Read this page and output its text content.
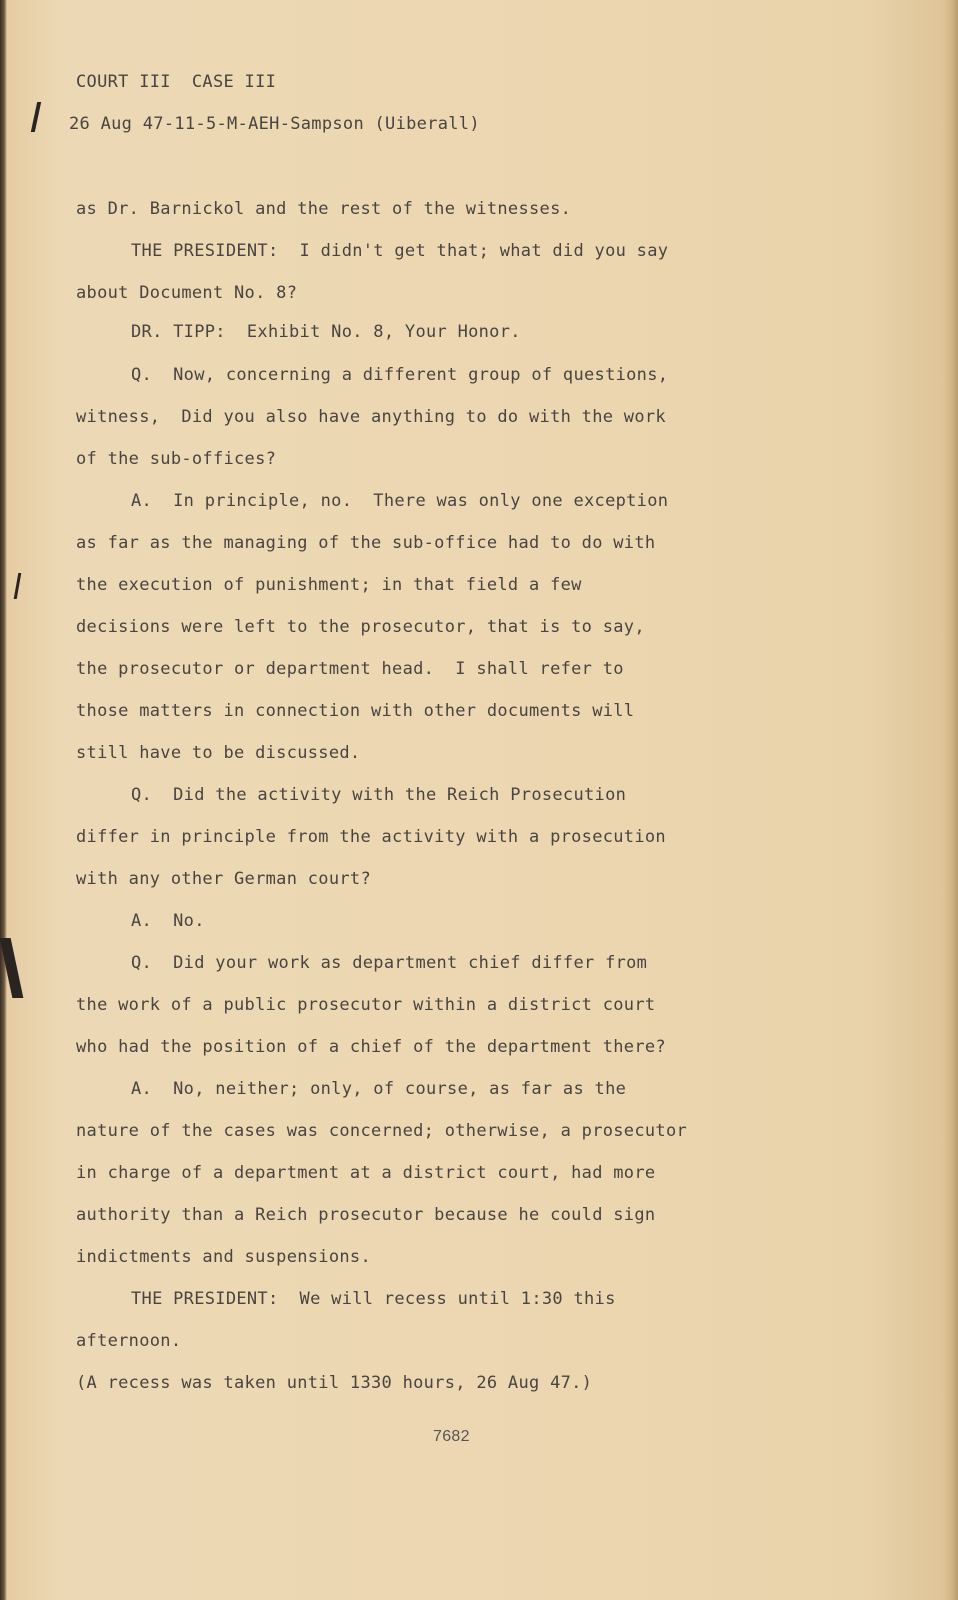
COURT III  CASE III

26 Aug 47-11-5-M-AEH-Sampson (Uiberall)

as Dr. Barnickol and the rest of the witnesses.

THE PRESIDENT:  I didn't get that; what did you say

about Document No. 8?

DR. TIPP:  Exhibit No. 8, Your Honor.

Q.  Now, concerning a different group of questions,

witness,  Did you also have anything to do with the work

of the sub-offices?

A.  In principle, no.  There was only one exception

as far as the managing of the sub-office had to do with

the execution of punishment; in that field a few

decisions were left to the prosecutor, that is to say,

the prosecutor or department head.  I shall refer to

those matters in connection with other documents will

still have to be discussed.

Q.  Did the activity with the Reich Prosecution

differ in principle from the activity with a prosecution

with any other German court?

A.  No.

Q.  Did your work as department chief differ from

the work of a public prosecutor within a district court

who had the position of a chief of the department there?

A.  No, neither; only, of course, as far as the

nature of the cases was concerned; otherwise, a prosecutor

in charge of a department at a district court, had more

authority than a Reich prosecutor because he could sign

indictments and suspensions.

THE PRESIDENT:  We will recess until 1:30 this

afternoon.

(A recess was taken until 1330 hours, 26 Aug 47.)

7682
